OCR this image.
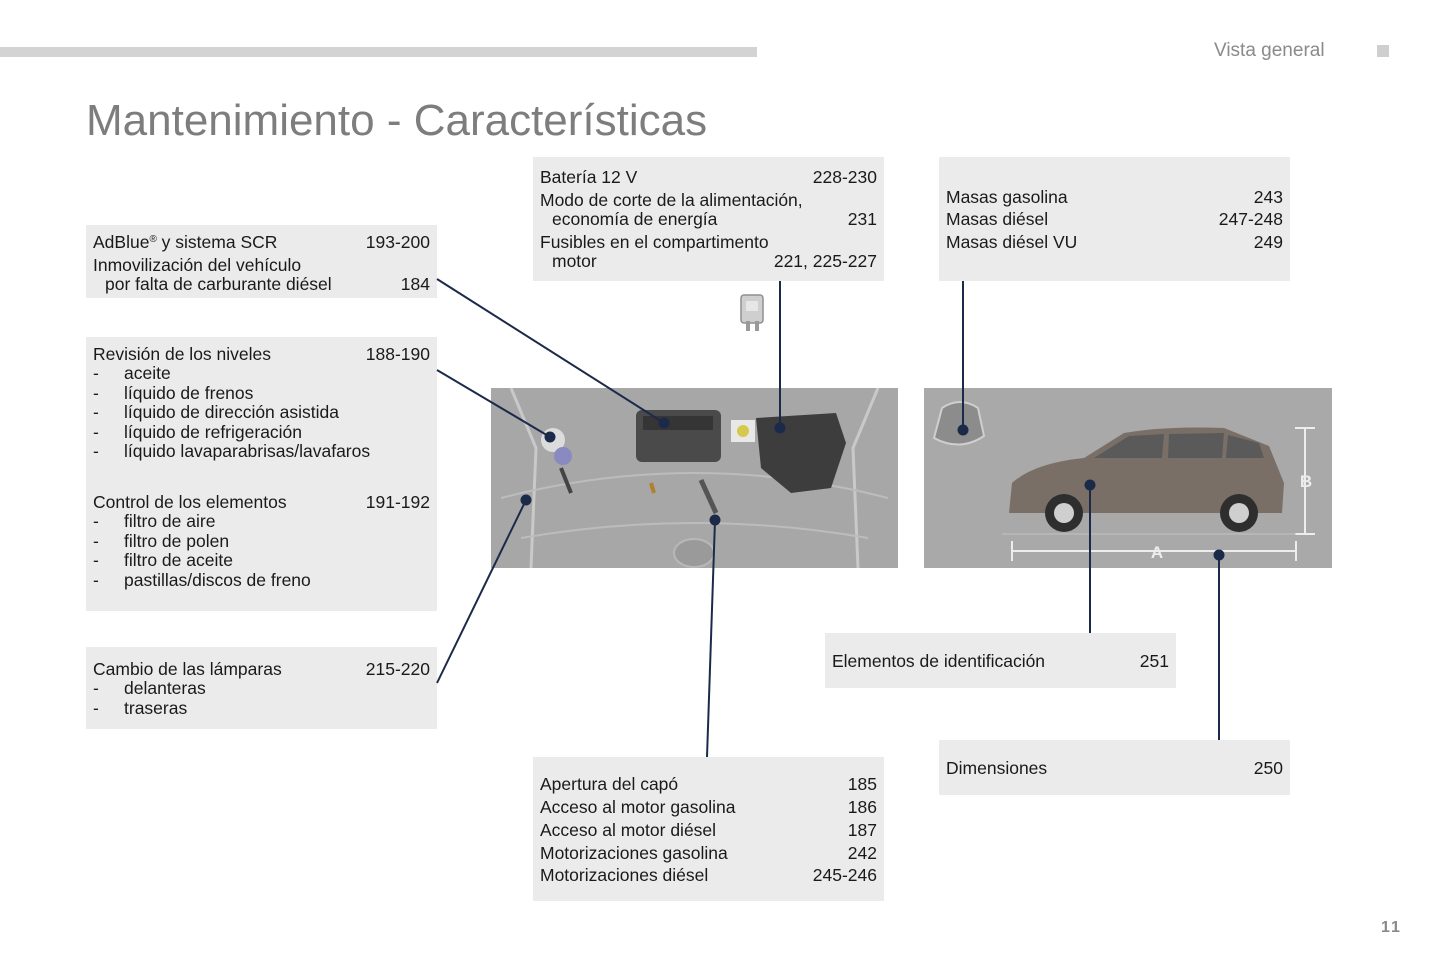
Vista general
Mantenimiento - Características
AdBlue® y sistema SCR	193-200
Inmovilización del vehículo
por falta de carburante diésel	184
Revisión de los niveles	188-190
- aceite
- líquido de frenos
- líquido de dirección asistida
- líquido de refrigeración
- líquido lavaparabrisas/lavafaros
Control de los elementos	191-192
- filtro de aire
- filtro de polen
- filtro de aceite
- pastillas/discos de freno
Cambio de las lámparas	215-220
- delanteras
- traseras
Batería 12 V	228-230
Modo de corte de la alimentación,
economía de energía	231
Fusibles en el compartimento
motor	221, 225-227
Masas gasolina	243
Masas diésel	247-248
Masas diésel VU	249
Elementos de identificación	251
Dimensiones	250
Apertura del capó	185
Acceso al motor gasolina	186
Acceso al motor diésel	187
Motorizaciones gasolina	242
Motorizaciones diésel	245-246
A
B
11
